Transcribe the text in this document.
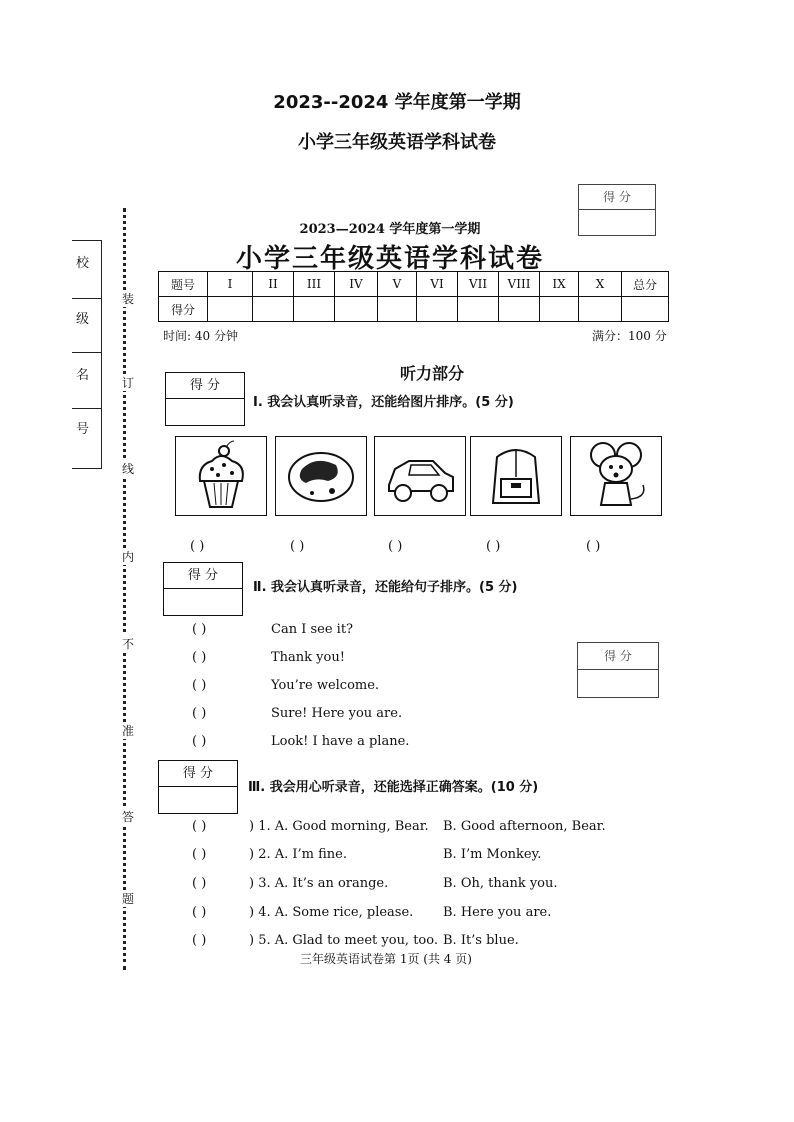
2023--2024 学年度第一学期
小学三年级英语学科试卷
得 分
得 分
装
订
线
内
不
准
答
题
校
级
名
号
2023—2024 学年度第一学期
小学三年级英语学科试卷
题号	I	II	III	IV	V	VI	VII	VIII	IX	X	总分
得分											
时间: 40 分钟	满分：100 分
得 分
听力部分
Ⅰ. 我会认真听录音，还能给图片排序。(5 分)
( )	( )	( )	( )	( )
得 分
Ⅱ. 我会认真听录音，还能给句子排序。(5 分)
( )	Can I see it?
( )	Thank you!
( )	You’re welcome.
( )	Sure! Here you are.
( )	Look! I have a plane.
得 分
Ⅲ. 我会用心听录音，还能选择正确答案。(10 分)
( )	) 1. A. Good morning, Bear. B. Good afternoon, Bear.
( )	) 2. A. I’m fine.	B. I’m Monkey.
( )	) 3. A. It’s an orange.	B. Oh, thank you.
( )	) 4. A. Some rice, please. B. Here you are.
( )	) 5. A. Glad to meet you, too. B. It’s blue.
三年级英语试卷第 1页 (共 4 页)
